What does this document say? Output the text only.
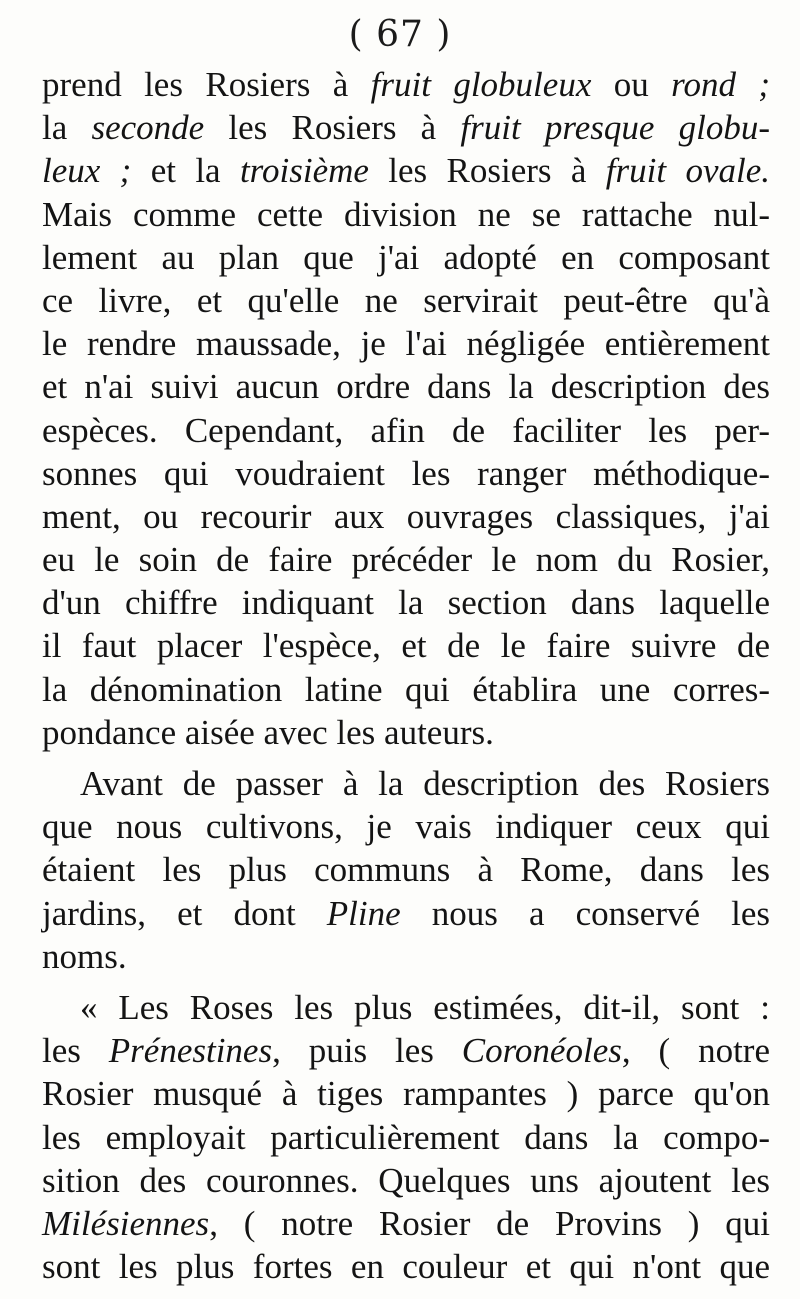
( 67 )
prend les Rosiers à fruit globuleux ou rond ;
la seconde les Rosiers à fruit presque globu-
leux ; et la troisième les Rosiers à fruit ovale.
Mais comme cette division ne se rattache nul-
lement au plan que j'ai adopté en composant
ce livre, et qu'elle ne servirait peut-être qu'à
le rendre maussade, je l'ai négligée entièrement
et n'ai suivi aucun ordre dans la description des
espèces. Cependant, afin de faciliter les per-
sonnes qui voudraient les ranger méthodique-
ment, ou recourir aux ouvrages classiques, j'ai
eu le soin de faire précéder le nom du Rosier,
d'un chiffre indiquant la section dans laquelle
il faut placer l'espèce, et de le faire suivre de
la dénomination latine qui établira une corres-
pondance aisée avec les auteurs.
Avant de passer à la description des Rosiers
que nous cultivons, je vais indiquer ceux qui
étaient les plus communs à Rome, dans les
jardins, et dont Pline nous a conservé les
noms.
« Les Roses les plus estimées, dit-il, sont :
les Prénestines, puis les Coronéoles, ( notre
Rosier musqué à tiges rampantes ) parce qu'on
les employait particulièrement dans la compo-
sition des couronnes. Quelques uns ajoutent les
Milésiennes, ( notre Rosier de Provins ) qui
sont les plus fortes en couleur et qui n'ont que
